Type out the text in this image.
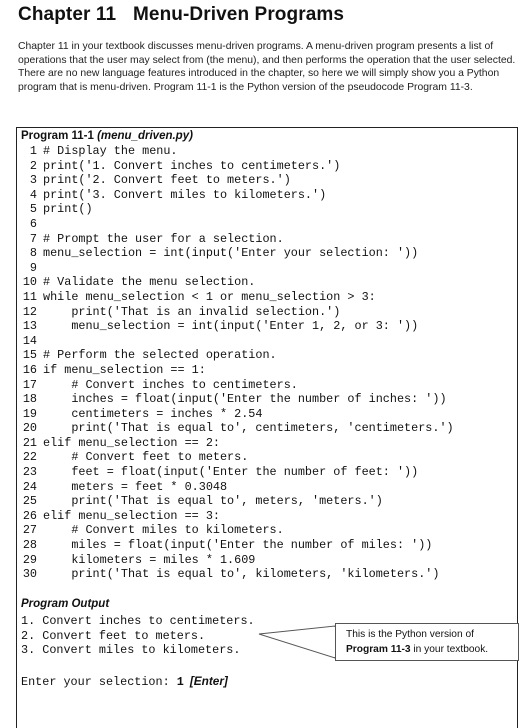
Chapter 11 Menu-Driven Programs
Chapter 11 in your textbook discusses menu-driven programs. A menu-driven program presents a list of operations that the user may select from (the menu), and then performs the operation that the user selected. There are no new language features introduced in the chapter, so here we will simply show you a Python program that is menu-driven. Program 11-1 is the Python version of the pseudocode Program 11-3.
Program 11-1 (menu_driven.py)
1 # Display the menu.
2 print('1. Convert inches to centimeters.')
3 print('2. Convert feet to meters.')
4 print('3. Convert miles to kilometers.')
5 print()
6
7 # Prompt the user for a selection.
8 menu_selection = int(input('Enter your selection: '))
9
10 # Validate the menu selection.
11 while menu_selection < 1 or menu_selection > 3:
12    print('That is an invalid selection.')
13    menu_selection = int(input('Enter 1, 2, or 3: '))
14
15 # Perform the selected operation.
16 if menu_selection == 1:
17    # Convert inches to centimeters.
18    inches = float(input('Enter the number of inches: '))
19    centimeters = inches * 2.54
20    print('That is equal to', centimeters, 'centimeters.')
21 elif menu_selection == 2:
22    # Convert feet to meters.
23    feet = float(input('Enter the number of feet: '))
24    meters = feet * 0.3048
25    print('That is equal to', meters, 'meters.')
26 elif menu_selection == 3:
27    # Convert miles to kilometers.
28    miles = float(input('Enter the number of miles: '))
29    kilometers = miles * 1.609
30    print('That is equal to', kilometers, 'kilometers.')
Program Output
1. Convert inches to centimeters.
2. Convert feet to meters.
3. Convert miles to kilometers.
Enter your selection: 1 [Enter]
This is the Python version of
Program 11-3 in your textbook.
